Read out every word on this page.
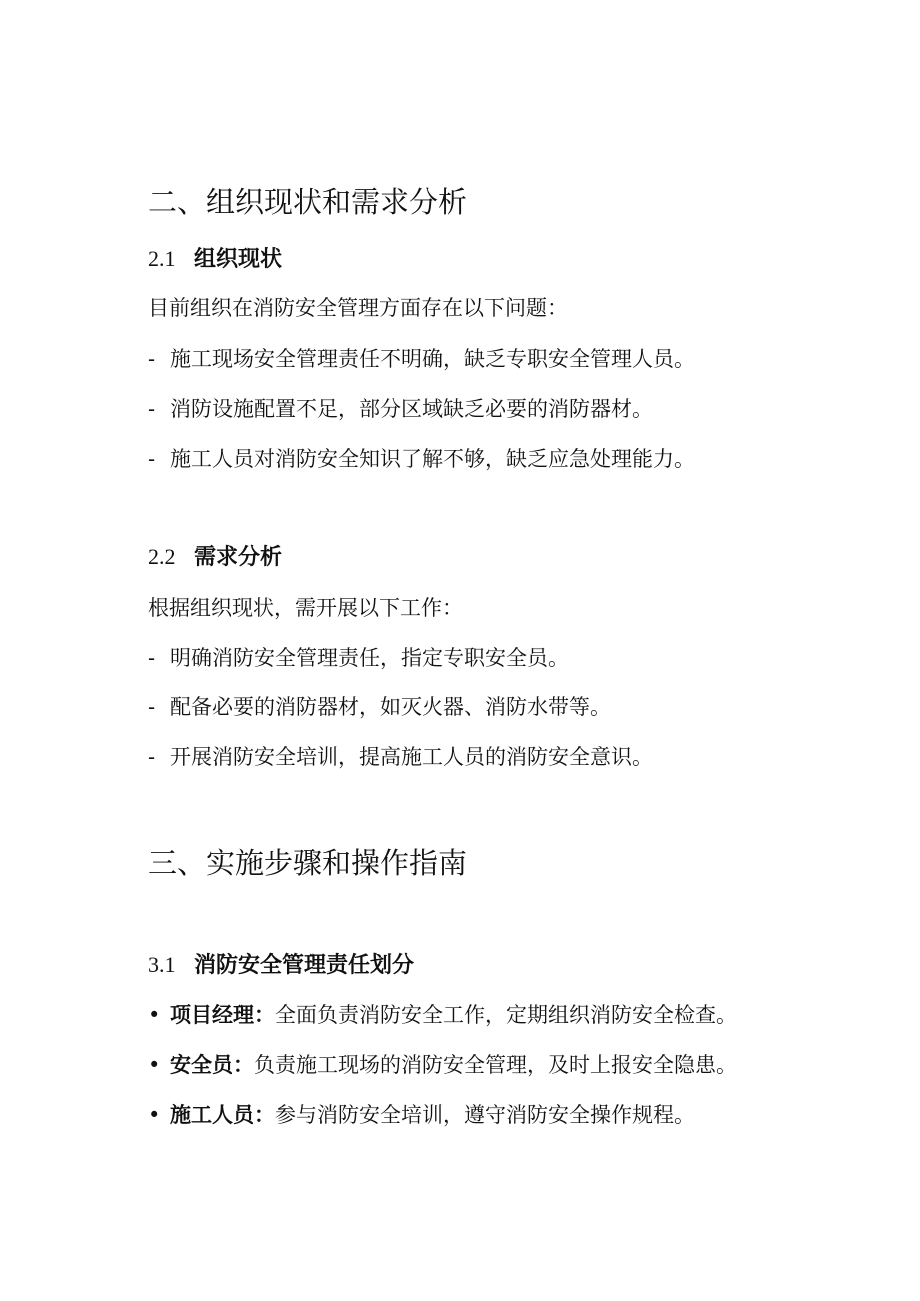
二、组织现状和需求分析
2.1 组织现状
目前组织在消防安全管理方面存在以下问题：
- 施工现场安全管理责任不明确，缺乏专职安全管理人员。
- 消防设施配置不足，部分区域缺乏必要的消防器材。
- 施工人员对消防安全知识了解不够，缺乏应急处理能力。
2.2 需求分析
根据组织现状，需开展以下工作：
- 明确消防安全管理责任，指定专职安全员。
- 配备必要的消防器材，如灭火器、消防水带等。
- 开展消防安全培训，提高施工人员的消防安全意识。
三、实施步骤和操作指南
3.1 消防安全管理责任划分
• 项目经理：全面负责消防安全工作，定期组织消防安全检查。
• 安全员：负责施工现场的消防安全管理，及时上报安全隐患。
• 施工人员：参与消防安全培训，遵守消防安全操作规程。
